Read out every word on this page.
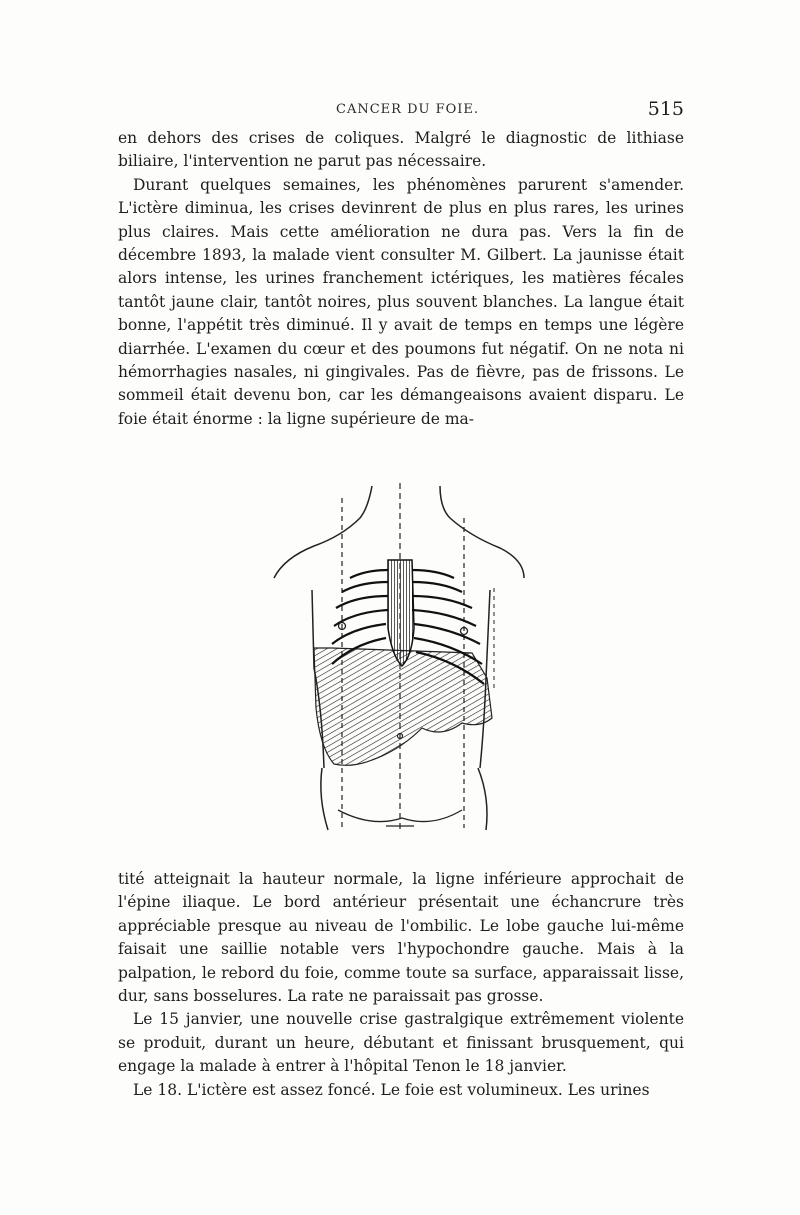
CANCER DU FOIE.	515

en dehors des crises de coliques. Malgré le diagnostic de lithiase biliaire, l'intervention ne parut pas nécessaire.

Durant quelques semaines, les phénomènes parurent s'amender. L'ictère diminua, les crises devinrent de plus en plus rares, les urines plus claires. Mais cette amélioration ne dura pas. Vers la fin de décembre 1893, la malade vient consulter M. Gilbert. La jaunisse était alors intense, les urines franchement ictériques, les matières fécales tantôt jaune clair, tantôt noires, plus souvent blanches. La langue était bonne, l'appétit très diminué. Il y avait de temps en temps une légère diarrhée. L'examen du cœur et des poumons fut négatif. On ne nota ni hémorrhagies nasales, ni gingivales. Pas de fièvre, pas de frissons. Le sommeil était devenu bon, car les démangeaisons avaient disparu. Le foie était énorme : la ligne supérieure de ma-

tité atteignait la hauteur normale, la ligne inférieure approchait de l'épine iliaque. Le bord antérieur présentait une échancrure très appréciable presque au niveau de l'ombilic. Le lobe gauche lui-même faisait une saillie notable vers l'hypochondre gauche. Mais à la palpation, le rebord du foie, comme toute sa surface, apparaissait lisse, dur, sans bosselures. La rate ne paraissait pas grosse.

Le 15 janvier, une nouvelle crise gastralgique extrêmement violente se produit, durant un heure, débutant et finissant brusquement, qui engage la malade à entrer à l'hôpital Tenon le 18 janvier.

Le 18. L'ictère est assez foncé. Le foie est volumineux. Les urines
